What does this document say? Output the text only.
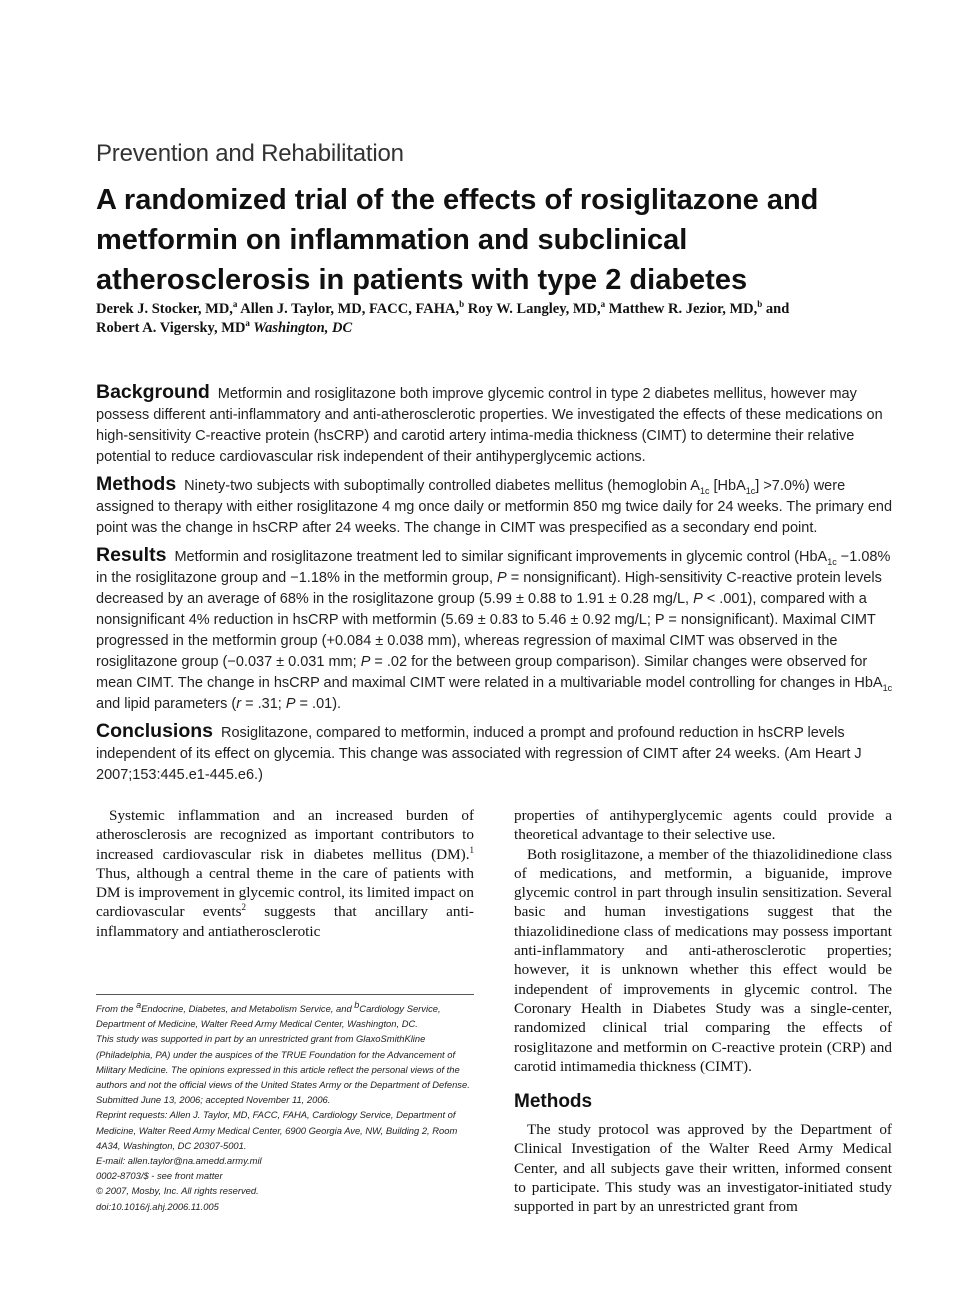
Prevention and Rehabilitation
A randomized trial of the effects of rosiglitazone and metformin on inflammation and subclinical atherosclerosis in patients with type 2 diabetes
Derek J. Stocker, MD,$^a$ Allen J. Taylor, MD, FACC, FAHA,$^b$ Roy W. Langley, MD,$^a$ Matthew R. Jezior, MD,$^b$ and
Robert A. Vigersky, $MD^a$ Washington, DC

Background Metformin and rosiglitazone both improve glycemic control in type 2 diabetes mellitus, however may possess different anti-inflammatory and anti-atherosclerotic properties. We investigated the effects of these medications on high-sensitivity C-reactive protein (hsCRP) and carotid artery intima-media thickness (CIMT) to determine their relative potential to reduce cardiovascular risk independent of their antihyperglycemic actions.

Methods Ninety-two subjects with suboptimally controlled diabetes mellitus (hemoglobin $A_{1c}$ [HbA$_{1c}$] >7.0%) were assigned to therapy with either rosiglitazone 4 mg once daily or metformin 850 mg twice daily for 24 weeks. The primary end point was the change in hsCRP after 24 weeks. The change in CIMT was prespecified as a secondary end point.

Results Metformin and rosiglitazone treatment led to similar significant improvements in glycemic control (HbA$_{1c}$ −1.08% in the rosiglitazone group and −1.18% in the metformin group, P = nonsignificant). High-sensitivity C-reactive protein levels decreased by an average of 68% in the rosiglitazone group (5.99 ± 0.88 to 1.91 ± 0.28 mg/L, P < .001), compared with a nonsignificant 4% reduction in hsCRP with metformin (5.69 ± 0.83 to 5.46 ± 0.92 mg/L; P = nonsignificant). Maximal CIMT progressed in the metformin group (+0.084 ± 0.038 mm), whereas regression of maximal CIMT was observed in the rosiglitazone group (−0.037 ± 0.031 mm; P = .02 for the between group comparison). Similar changes were observed for mean CIMT. The change in hsCRP and maximal CIMT were related in a multivariable model controlling for changes in HbA$_{1c}$ and lipid parameters (r = .31; P = .01).

Conclusions Rosiglitazone, compared to metformin, induced a prompt and profound reduction in hsCRP levels independent of its effect on glycemia. This change was associated with regression of CIMT after 24 weeks. (Am Heart J 2007;153:445.e1-445.e6.)

Systemic inflammation and an increased burden of atherosclerosis are recognized as important contributors to increased cardiovascular risk in diabetes mellitus (DM).$^1$ Thus, although a central theme in the care of patients with DM is improvement in glycemic control, its limited impact on cardiovascular events$^2$ suggests that ancillary anti-inflammatory and antiatherosclerotic

From the $^a$Endocrine, Diabetes, and Metabolism Service, and $^b$Cardiology Service, Department of Medicine, Walter Reed Army Medical Center, Washington, DC.
This study was supported in part by an unrestricted grant from GlaxoSmithKline (Philadelphia, PA) under the auspices of the TRUE Foundation for the Advancement of Military Medicine. The opinions expressed in this article reflect the personal views of the authors and not the official views of the United States Army or the Department of Defense.
Submitted June 13, 2006; accepted November 11, 2006.
Reprint requests: Allen J. Taylor, MD, FACC, FAHA, Cardiology Service, Department of Medicine, Walter Reed Army Medical Center, 6900 Georgia Ave, NW, Building 2, Room 4A34, Washington, DC 20307-5001.
E-mail: allen.taylor@na.amedd.army.mil
0002-8703/$ - see front matter
© 2007, Mosby, Inc. All rights reserved.
doi:10.1016/j.ahj.2006.11.005

properties of antihyperglycemic agents could provide a theoretical advantage to their selective use.

Both rosiglitazone, a member of the thiazolidinedione class of medications, and metformin, a biguanide, improve glycemic control in part through insulin sensitization. Several basic and human investigations suggest that the thiazolidinedione class of medications may possess important anti-inflammatory and anti-atherosclerotic properties; however, it is unknown whether this effect would be independent of improvements in glycemic control. The Coronary Health in Diabetes Study was a single-center, randomized clinical trial comparing the effects of rosiglitazone and metformin on C-reactive protein (CRP) and carotid intimamedia thickness (CIMT).

Methods

The study protocol was approved by the Department of Clinical Investigation of the Walter Reed Army Medical Center, and all subjects gave their written, informed consent to participate. This study was an investigator-initiated study supported in part by an unrestricted grant from
